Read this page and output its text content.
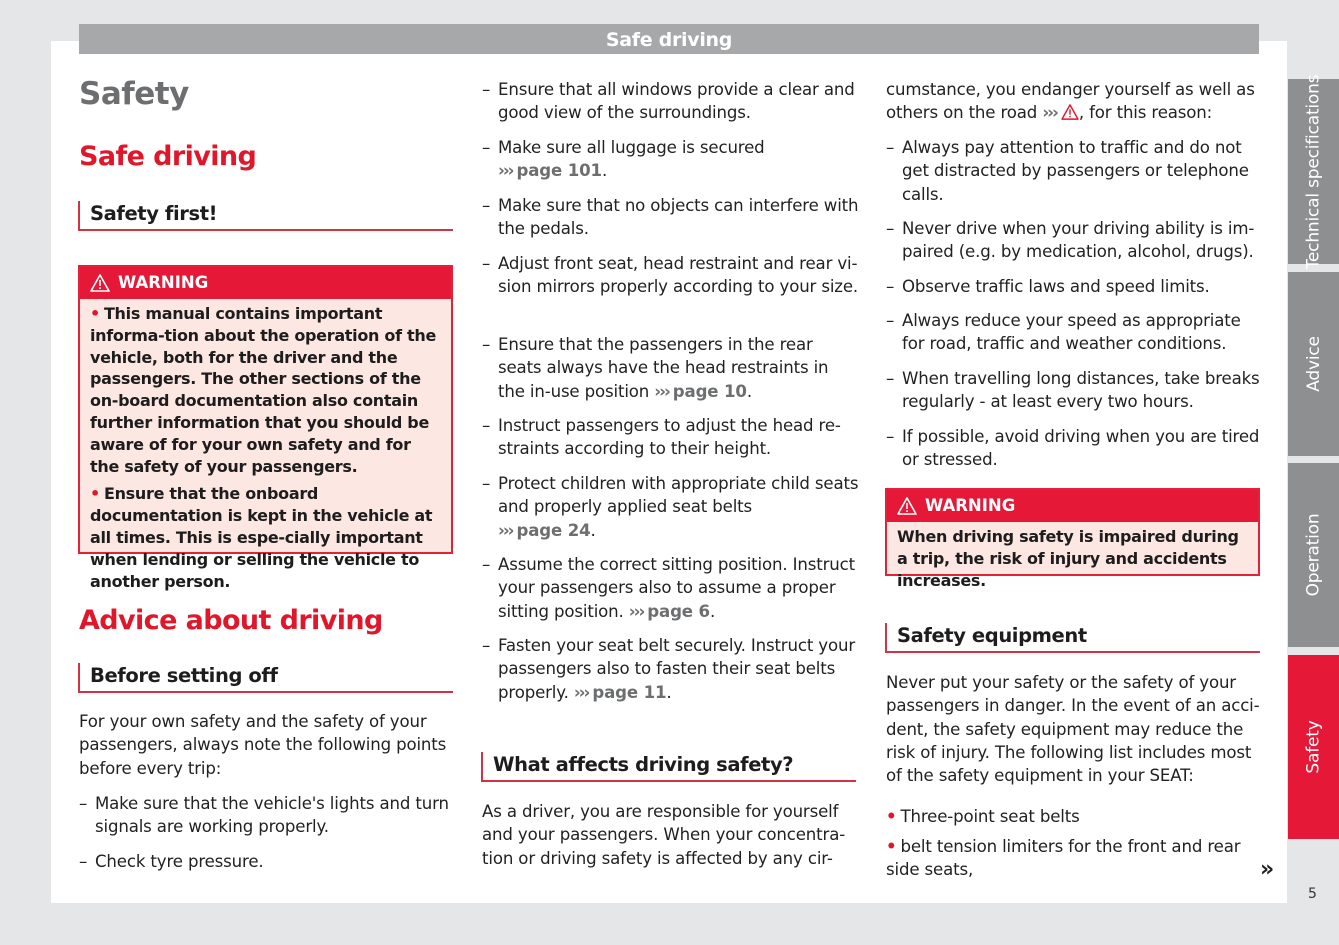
Safe driving
Safety
Safe driving
Safety first!
WARNING

• This manual contains important informa-tion about the operation of the vehicle, both for the driver and the passengers. The other sections of the on-board documentation also contain further information that you should be aware of for your own safety and for the safety of your passengers.

• Ensure that the onboard documentation is kept in the vehicle at all times. This is espe-cially important when lending or selling the vehicle to another person.

Advice about driving
Before setting off
For your own safety and the safety of your passengers, always note the following points before every trip:
– Make sure that the vehicle's lights and turn signals are working properly.
– Check tyre pressure.
– Ensure that all windows provide a clear and good view of the surroundings.
– Make sure all luggage is secured
››› page 101.
– Make sure that no objects can interfere with the pedals.
– Adjust front seat, head restraint and rear vi-sion mirrors properly according to your size.
– Ensure that the passengers in the rear seats always have the head restraints in the in-use position ››› page 10.
– Instruct passengers to adjust the head re-straints according to their height.
– Protect children with appropriate child seats and properly applied seat belts
››› page 24.
– Assume the correct sitting position. Instruct your passengers also to assume a proper sitting position. ››› page 6.
– Fasten your seat belt securely. Instruct your passengers also to fasten their seat belts properly. ››› page 11.
What affects driving safety?
As a driver, you are responsible for yourself and your passengers. When your concentra-tion or driving safety is affected by any cir-
cumstance, you endanger yourself as well as others on the road ››› , for this reason:
– Always pay attention to traffic and do not get distracted by passengers or telephone calls.
– Never drive when your driving ability is im-paired (e.g. by medication, alcohol, drugs).
– Observe traffic laws and speed limits.
– Always reduce your speed as appropriate for road, traffic and weather conditions.
– When travelling long distances, take breaks regularly - at least every two hours.
– If possible, avoid driving when you are tired or stressed.
WARNING

When driving safety is impaired during a trip, the risk of injury and accidents increases.

Safety equipment
Never put your safety or the safety of your passengers in danger. In the event of an acci-dent, the safety equipment may reduce the risk of injury. The following list includes most of the safety equipment in your SEAT:
• Three-point seat belts
• belt tension limiters for the front and rear side seats,	»
Technical specifications
Advice
Operation
Safety
5
